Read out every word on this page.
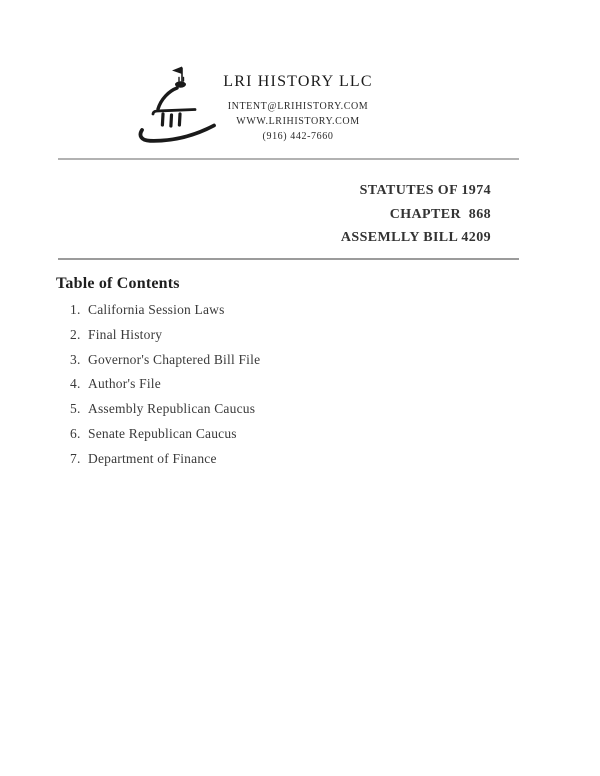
LRI HISTORY LLC
INTENT@LRIHISTORY.COM
WWW.LRIHISTORY.COM
(916) 442-7660
STATUTES OF 1974
CHAPTER  868
ASSEMLLY BILL 4209
Table of Contents
1. California Session Laws
2. Final History
3. Governor's Chaptered Bill File
4. Author's File
5. Assembly Republican Caucus
6. Senate Republican Caucus
7. Department of Finance
